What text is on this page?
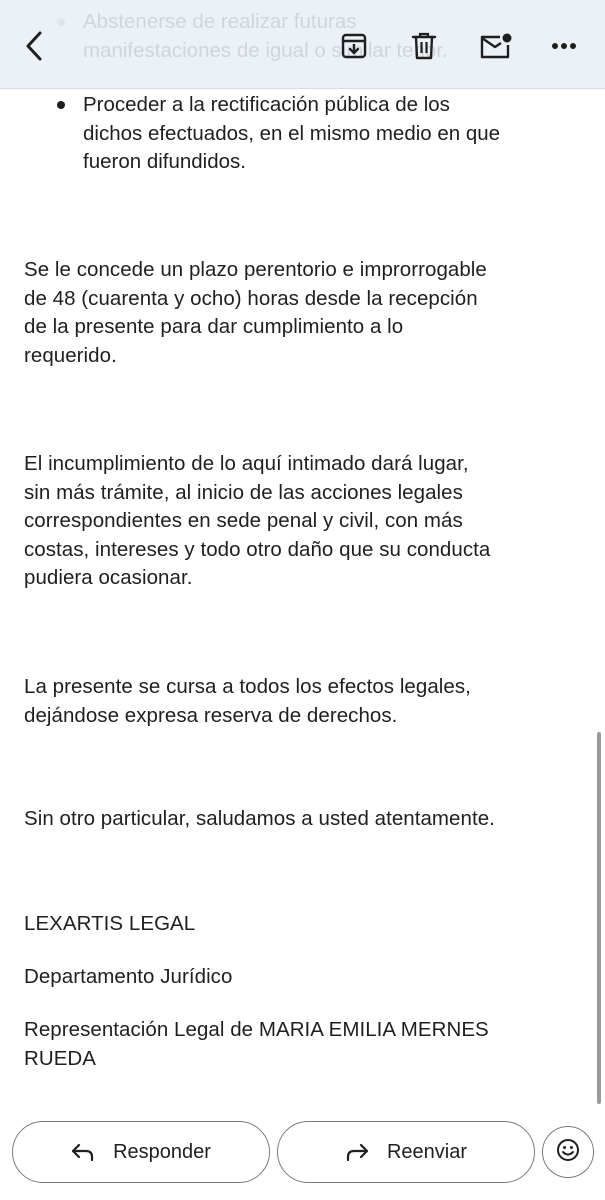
Proceder a la rectificación pública de los
dichos efectuados, en el mismo medio en que
fueron difundidos.

Se le concede un plazo perentorio e improrrogable
de 48 (cuarenta y ocho) horas desde la recepción
de la presente para dar cumplimiento a lo
requerido.

El incumplimiento de lo aquí intimado dará lugar,
sin más trámite, al inicio de las acciones legales
correspondientes en sede penal y civil, con más
costas, intereses y todo otro daño que su conducta
pudiera ocasionar.

La presente se cursa a todos los efectos legales,
dejándose expresa reserva de derechos.

Sin otro particular, saludamos a usted atentamente.

LEXARTIS LEGAL

Departamento Jurídico

Representación Legal de MARIA EMILIA MERNES
RUEDA

Responder	Reenviar
